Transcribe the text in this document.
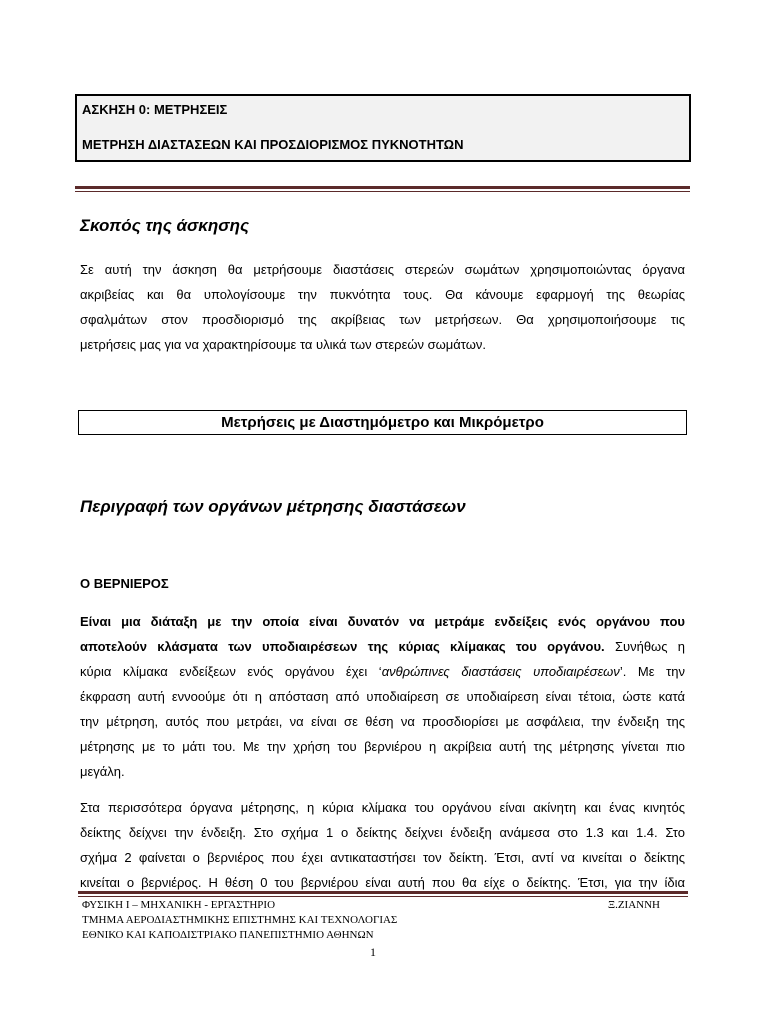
ΑΣΚΗΣΗ 0: ΜΕΤΡΗΣΕΙΣ
ΜΕΤΡΗΣΗ ΔΙΑΣΤΑΣΕΩΝ ΚΑΙ ΠΡΟΣΔΙΟΡΙΣΜΟΣ ΠΥΚΝΟΤΗΤΩΝ
Σκοπός της άσκησης
Σε αυτή την άσκηση θα μετρήσουμε διαστάσεις στερεών σωμάτων χρησιμοποιώντας όργανα
ακριβείας και θα υπολογίσουμε την πυκνότητα τους. Θα κάνουμε εφαρμογή της θεωρίας
σφαλμάτων στον προσδιορισμό της ακρίβειας των μετρήσεων. Θα χρησιμοποιήσουμε τις
μετρήσεις μας για να χαρακτηρίσουμε τα υλικά των στερεών σωμάτων.
Μετρήσεις με Διαστημόμετρο και Μικρόμετρο
Περιγραφή των οργάνων μέτρησης διαστάσεων
Ο ΒΕΡΝΙΕΡΟΣ
Είναι μια διάταξη με την οποία είναι δυνατόν να μετράμε ενδείξεις ενός οργάνου που
αποτελούν κλάσματα των υποδιαιρέσεων της κύριας κλίμακας του οργάνου. Συνήθως η
κύρια κλίμακα ενδείξεων ενός οργάνου έχει ‘ανθρώπινες διαστάσεις υποδιαιρέσεων’. Με την
έκφραση αυτή εννοούμε ότι η απόσταση από υποδιαίρεση σε υποδιαίρεση είναι τέτοια, ώστε κατά
την μέτρηση, αυτός που μετράει, να είναι σε θέση να προσδιορίσει με ασφάλεια, την ένδειξη της
μέτρησης με το μάτι του. Με την χρήση του βερνιέρου η ακρίβεια αυτή της μέτρησης γίνεται πιο
μεγάλη.
Στα περισσότερα όργανα μέτρησης, η κύρια κλίμακα του οργάνου είναι ακίνητη και ένας κινητός
δείκτης δείχνει την ένδειξη. Στο σχήμα 1 ο δείκτης δείχνει ένδειξη ανάμεσα στο 1.3 και 1.4. Στο
σχήμα 2 φαίνεται ο βερνιέρος που έχει αντικαταστήσει τον δείκτη. Έτσι, αντί να κινείται ο δείκτης
κινείται ο βερνιέρος. Η θέση 0 του βερνιέρου είναι αυτή που θα είχε ο δείκτης. Έτσι, για την ίδια
ΦΥΣΙΚΗ Ι – ΜΗΧΑΝΙΚΗ - ΕΡΓΑΣΤΗΡΙΟ	Ξ.ΖΙΑΝΝΗ
ΤΜΗΜΑ ΑΕΡΟΔΙΑΣΤΗΜΙΚΗΣ ΕΠΙΣΤΗΜΗΣ ΚΑΙ ΤΕΧΝΟΛΟΓΙΑΣ
ΕΘΝΙΚΟ ΚΑΙ ΚΑΠΟΔΙΣΤΡΙΑΚΟ ΠΑΝΕΠΙΣΤΗΜΙΟ ΑΘΗΝΩΝ
1
